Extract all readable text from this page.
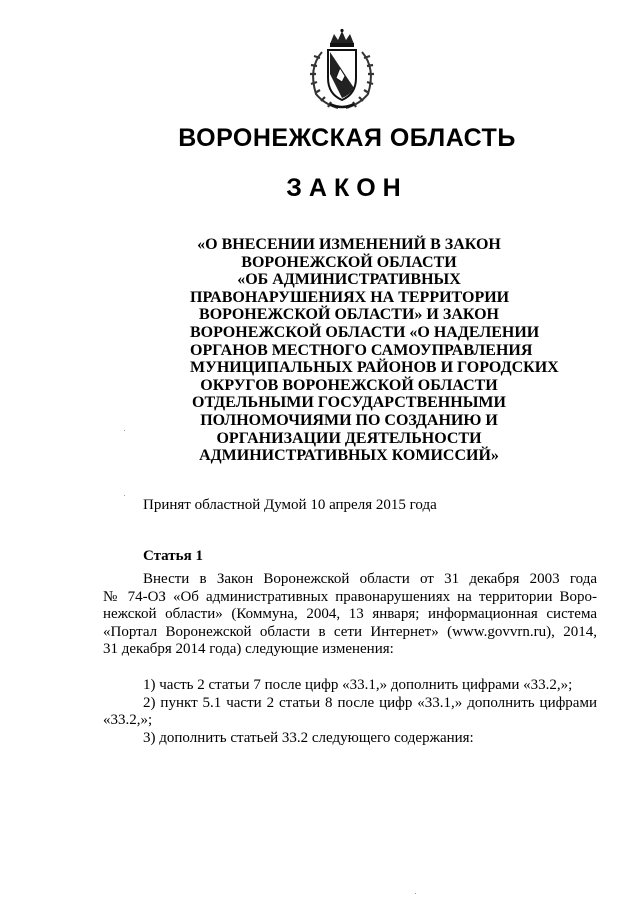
ВОРОНЕЖСКАЯ ОБЛАСТЬ
ЗАКОН
«О ВНЕСЕНИИ ИЗМЕНЕНИЙ В ЗАКОН
ВОРОНЕЖСКОЙ ОБЛАСТИ
«ОБ АДМИНИСТРАТИВНЫХ
ПРАВОНАРУШЕНИЯХ НА ТЕРРИТОРИИ
ВОРОНЕЖСКОЙ ОБЛАСТИ» И ЗАКОН
ВОРОНЕЖСКОЙ ОБЛАСТИ «О НАДЕЛЕНИИ
ОРГАНОВ МЕСТНОГО САМОУПРАВЛЕНИЯ
МУНИЦИПАЛЬНЫХ РАЙОНОВ И ГОРОДСКИХ
ОКРУГОВ ВОРОНЕЖСКОЙ ОБЛАСТИ
ОТДЕЛЬНЫМИ ГОСУДАРСТВЕННЫМИ
ПОЛНОМОЧИЯМИ ПО СОЗДАНИЮ И
ОРГАНИЗАЦИИ ДЕЯТЕЛЬНОСТИ
АДМИНИСТРАТИВНЫХ КОМИССИЙ»
Принят областной Думой 10 апреля 2015 года
Статья 1
Внести в Закон Воронежской области от 31 декабря 2003 года
№ 74-ОЗ «Об административных правонарушениях на территории Воро-
нежской области» (Коммуна, 2004, 13 января; информационная система
«Портал Воронежской области в сети Интернет» (www.govvrn.ru), 2014,
31 декабря 2014 года) следующие изменения:
1) часть 2 статьи 7 после цифр «33.1,» дополнить цифрами «33.2,»;
2) пункт 5.1 части 2 статьи 8 после цифр «33.1,» дополнить цифрами
«33.2,»;
3) дополнить статьей 33.2 следующего содержания:
